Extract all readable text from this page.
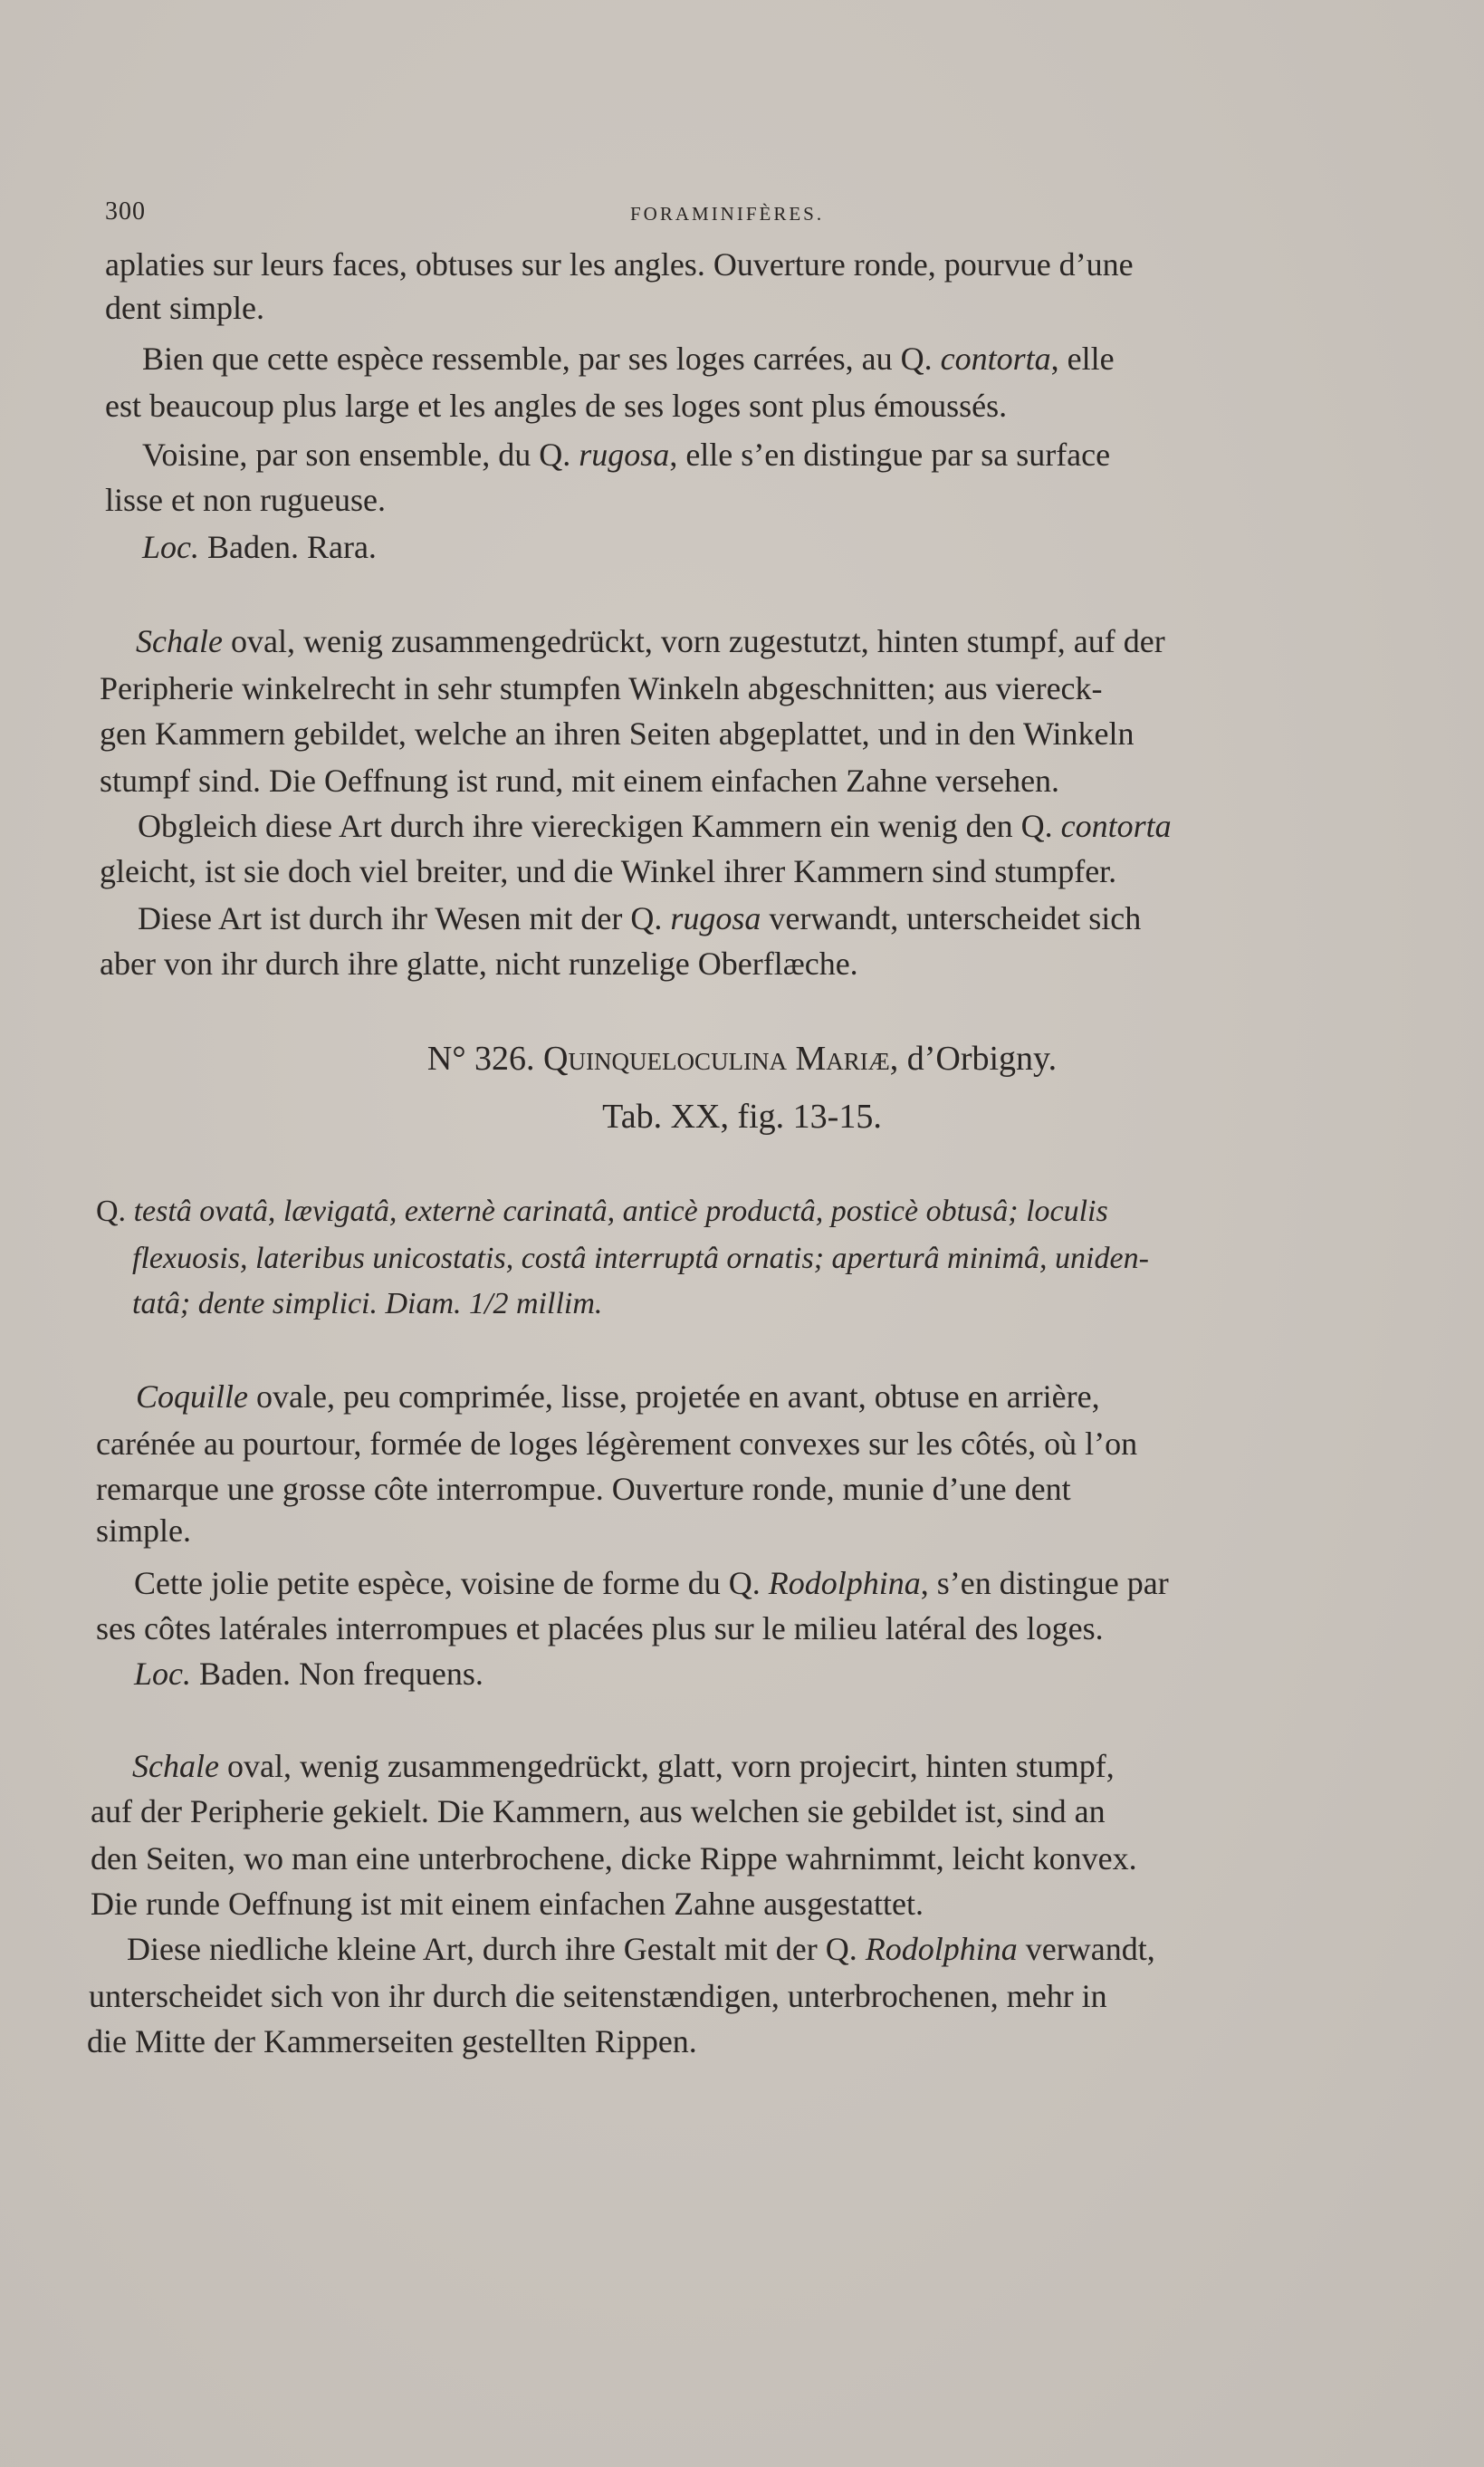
300	FORAMINIFÈRES.
aplaties sur leurs faces, obtuses sur les angles. Ouverture ronde, pourvue d’une
dent simple.
Bien que cette espèce ressemble, par ses loges carrées, au Q. contorta, elle
est beaucoup plus large et les angles de ses loges sont plus émoussés.
Voisine, par son ensemble, du Q. rugosa, elle s’en distingue par sa surface
lisse et non rugueuse.
Loc. Baden. Rara.
Schale oval, wenig zusammengedrückt, vorn zugestutzt, hinten stumpf, auf der
Peripherie winkelrecht in sehr stumpfen Winkeln abgeschnitten; aus viereck-
gen Kammern gebildet, welche an ihren Seiten abgeplattet, und in den Winkeln
stumpf sind. Die Oeffnung ist rund, mit einem einfachen Zahne versehen.
Obgleich diese Art durch ihre viereckigen Kammern ein wenig den Q. contorta
gleicht, ist sie doch viel breiter, und die Winkel ihrer Kammern sind stumpfer.
Diese Art ist durch ihr Wesen mit der Q. rugosa verwandt, unterscheidet sich
aber von ihr durch ihre glatte, nicht runzelige Oberflæche.
N° 326. Quinqueloculina Mariæ, d’Orbigny.
Tab. XX, fig. 13-15.
Q. testâ ovatâ, lævigatâ, externè carinatâ, anticè productâ, posticè obtusâ; loculis
flexuosis, lateribus unicostatis, costâ interruptâ ornatis; aperturâ minimâ, uniden-
tatâ; dente simplici. Diam. 1/2 millim.
Coquille ovale, peu comprimée, lisse, projetée en avant, obtuse en arrière,
carénée au pourtour, formée de loges légèrement convexes sur les côtés, où l’on
remarque une grosse côte interrompue. Ouverture ronde, munie d’une dent
simple.
Cette jolie petite espèce, voisine de forme du Q. Rodolphina, s’en distingue par
ses côtes latérales interrompues et placées plus sur le milieu latéral des loges.
Loc. Baden. Non frequens.
Schale oval, wenig zusammengedrückt, glatt, vorn projecirt, hinten stumpf,
auf der Peripherie gekielt. Die Kammern, aus welchen sie gebildet ist, sind an
den Seiten, wo man eine unterbrochene, dicke Rippe wahrnimmt, leicht konvex.
Die runde Oeffnung ist mit einem einfachen Zahne ausgestattet.
Diese niedliche kleine Art, durch ihre Gestalt mit der Q. Rodolphina verwandt,
unterscheidet sich von ihr durch die seitenstændigen, unterbrochenen, mehr in
die Mitte der Kammerseiten gestellten Rippen.
